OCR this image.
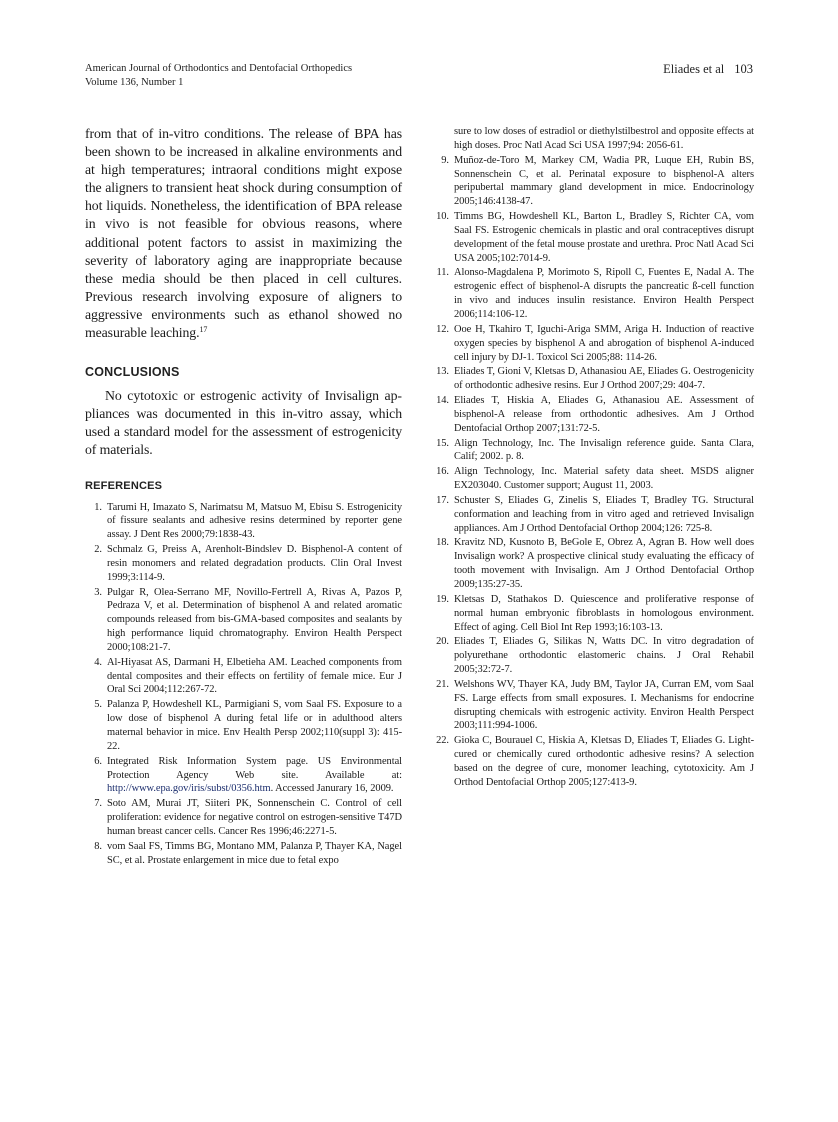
American Journal of Orthodontics and Dentofacial Orthopedics
Volume 136, Number 1
Eliades et al 103

from that of in-vitro conditions. The release of BPA has been shown to be increased in alkaline environments and at high temperatures; intraoral conditions might expose the aligners to transient heat shock during consumption of hot liquids. Nonetheless, the identification of BPA release in vivo is not feasible for obvious reasons, where additional potent factors to assist in maximizing the severity of laboratory aging are inappropriate because these media should be then placed in cell cultures. Previous research involving exposure of aligners to aggressive environments such as ethanol showed no measurable leaching.$^{17}$

CONCLUSIONS

No cytotoxic or estrogenic activity of Invisalign appliances was documented in this in-vitro assay, which used a standard model for the assessment of estrogenicity of materials.

REFERENCES
1. Tarumi H, Imazato S, Narimatsu M, Matsuo M, Ebisu S. Estrogenicity of fissure sealants and adhesive resins determined by reporter gene assay. J Dent Res 2000;79:1838-43.
2. Schmalz G, Preiss A, Arenholt-Bindslev D. Bisphenol-A content of resin monomers and related degradation products. Clin Oral Invest 1999;3:114-9.
3. Pulgar R, Olea-Serrano MF, Novillo-Fertrell A, Rivas A, Pazos P, Pedraza V, et al. Determination of bisphenol A and related aromatic compounds released from bis-GMA-based composites and sealants by high performance liquid chromatography. Environ Health Perspect 2000;108:21-7.
4. Al-Hiyasat AS, Darmani H, Elbetieha AM. Leached components from dental composites and their effects on fertility of female mice. Eur J Oral Sci 2004;112:267-72.
5. Palanza P, Howdeshell KL, Parmigiani S, vom Saal FS. Exposure to a low dose of bisphenol A during fetal life or in adulthood alters maternal behavior in mice. Env Health Persp 2002;110(suppl 3): 415-22.
6. Integrated Risk Information System page. US Environmental Protection Agency Web site. Available at: http://www.epa.gov/iris/subst/0356.htm. Accessed Janurary 16, 2009.
7. Soto AM, Murai JT, Siiteri PK, Sonnenschein C. Control of cell proliferation: evidence for negative control on estrogen-sensitive T47D human breast cancer cells. Cancer Res 1996;46:2271-5.
8. vom Saal FS, Timms BG, Montano MM, Palanza P, Thayer KA, Nagel SC, et al. Prostate enlargement in mice due to fetal expo
sure to low doses of estradiol or diethylstilbestrol and opposite effects at high doses. Proc Natl Acad Sci USA 1997;94: 2056-61.
9. Muñoz-de-Toro M, Markey CM, Wadia PR, Luque EH, Rubin BS, Sonnenschein C, et al. Perinatal exposure to bisphenol-A alters peripubertal mammary gland development in mice. Endocrinology 2005;146:4138-47.
10. Timms BG, Howdeshell KL, Barton L, Bradley S, Richter CA, vom Saal FS. Estrogenic chemicals in plastic and oral contraceptives disrupt development of the fetal mouse prostate and urethra. Proc Natl Acad Sci USA 2005;102:7014-9.
11. Alonso-Magdalena P, Morimoto S, Ripoll C, Fuentes E, Nadal A. The estrogenic effect of bisphenol-A disrupts the pancreatic ß-cell function in vivo and induces insulin resistance. Environ Health Perspect 2006;114:106-12.
12. Ooe H, Tkahiro T, Iguchi-Ariga SMM, Ariga H. Induction of reactive oxygen species by bisphenol A and abrogation of bisphenol A-induced cell injury by DJ-1. Toxicol Sci 2005;88: 114-26.
13. Eliades T, Gioni V, Kletsas D, Athanasiou AE, Eliades G. Oestrogenicity of orthodontic adhesive resins. Eur J Orthod 2007;29: 404-7.
14. Eliades T, Hiskia A, Eliades G, Athanasiou AE. Assessment of bisphenol-A release from orthodontic adhesives. Am J Orthod Dentofacial Orthop 2007;131:72-5.
15. Align Technology, Inc. The Invisalign reference guide. Santa Clara, Calif; 2002. p. 8.
16. Align Technology, Inc. Material safety data sheet. MSDS aligner EX203040. Customer support; August 11, 2003.
17. Schuster S, Eliades G, Zinelis S, Eliades T, Bradley TG. Structural conformation and leaching from in vitro aged and retrieved Invisalign appliances. Am J Orthod Dentofacial Orthop 2004;126: 725-8.
18. Kravitz ND, Kusnoto B, BeGole E, Obrez A, Agran B. How well does Invisalign work? A prospective clinical study evaluating the efficacy of tooth movement with Invisalign. Am J Orthod Dentofacial Orthop 2009;135:27-35.
19. Kletsas D, Stathakos D. Quiescence and proliferative response of normal human embryonic fibroblasts in homologous environment. Effect of aging. Cell Biol Int Rep 1993;16:103-13.
20. Eliades T, Eliades G, Silikas N, Watts DC. In vitro degradation of polyurethane orthodontic elastomeric chains. J Oral Rehabil 2005;32:72-7.
21. Welshons WV, Thayer KA, Judy BM, Taylor JA, Curran EM, vom Saal FS. Large effects from small exposures. I. Mechanisms for endocrine disrupting chemicals with estrogenic activity. Environ Health Perspect 2003;111:994-1006.
22. Gioka C, Bourauel C, Hiskia A, Kletsas D, Eliades T, Eliades G. Light-cured or chemically cured orthodontic adhesive resins? A selection based on the degree of cure, monomer leaching, cytotoxicity. Am J Orthod Dentofacial Orthop 2005;127:413-9.
